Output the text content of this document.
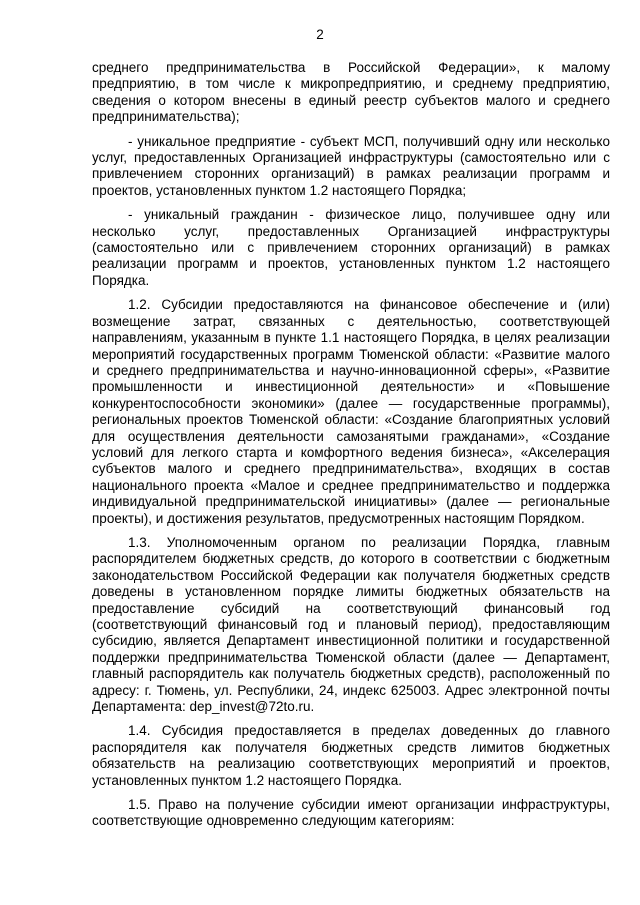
2

среднего предпринимательства в Российской Федерации», к малому предприятию, в том числе к микропредприятию, и среднему предприятию, сведения о котором внесены в единый реестр субъектов малого и среднего предпринимательства);

- уникальное предприятие - субъект МСП, получивший одну или несколько услуг, предоставленных Организацией инфраструктуры (самостоятельно или с привлечением сторонних организаций) в рамках реализации программ и проектов, установленных пунктом 1.2 настоящего Порядка;

- уникальный гражданин - физическое лицо, получившее одну или несколько услуг, предоставленных Организацией инфраструктуры (самостоятельно или с привлечением сторонних организаций) в рамках реализации программ и проектов, установленных пунктом 1.2 настоящего Порядка.

1.2. Субсидии предоставляются на финансовое обеспечение и (или) возмещение затрат, связанных с деятельностью, соответствующей направлениям, указанным в пункте 1.1 настоящего Порядка, в целях реализации мероприятий государственных программ Тюменской области: «Развитие малого и среднего предпринимательства и научно-инновационной сферы», «Развитие промышленности и инвестиционной деятельности» и «Повышение конкурентоспособности экономики» (далее — государственные программы), региональных проектов Тюменской области: «Создание благоприятных условий для осуществления деятельности самозанятыми гражданами», «Создание условий для легкого старта и комфортного ведения бизнеса», «Акселерация субъектов малого и среднего предпринимательства», входящих в состав национального проекта «Малое и среднее предпринимательство и поддержка индивидуальной предпринимательской инициативы» (далее — региональные проекты), и достижения результатов, предусмотренных настоящим Порядком.

1.3. Уполномоченным органом по реализации Порядка, главным распорядителем бюджетных средств, до которого в соответствии с бюджетным законодательством Российской Федерации как получателя бюджетных средств доведены в установленном порядке лимиты бюджетных обязательств на предоставление субсидий на соответствующий финансовый год (соответствующий финансовый год и плановый период), предоставляющим субсидию, является Департамент инвестиционной политики и государственной поддержки предпринимательства Тюменской области (далее — Департамент, главный распорядитель как получатель бюджетных средств), расположенный по адресу: г. Тюмень, ул. Республики, 24, индекс 625003. Адрес электронной почты Департамента: dep_invest@72to.ru.

1.4. Субсидия предоставляется в пределах доведенных до главного распорядителя как получателя бюджетных средств лимитов бюджетных обязательств на реализацию соответствующих мероприятий и проектов, установленных пунктом 1.2 настоящего Порядка.

1.5. Право на получение субсидии имеют организации инфраструктуры, соответствующие одновременно следующим категориям:
